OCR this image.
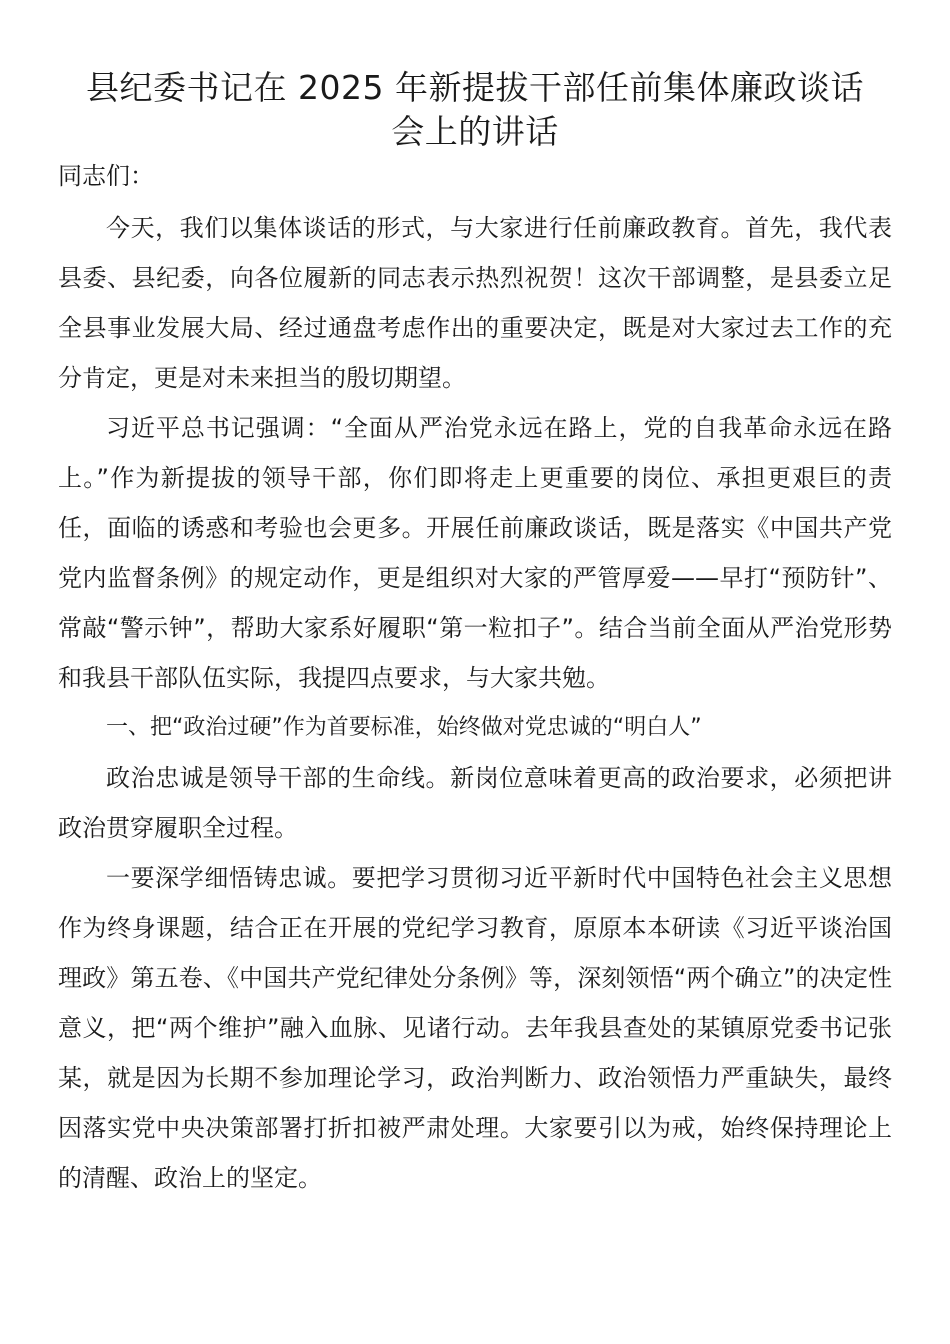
县纪委书记在 2025 年新提拔干部任前集体廉政谈话
会上的讲话

同志们：

今天，我们以集体谈话的形式，与大家进行任前廉政教育。首先，我代表县委、县纪委，向各位履新的同志表示热烈祝贺！这次干部调整，是县委立足全县事业发展大局、经过通盘考虑作出的重要决定，既是对大家过去工作的充分肯定，更是对未来担当的殷切期望。

习近平总书记强调：“全面从严治党永远在路上，党的自我革命永远在路上。”作为新提拔的领导干部，你们即将走上更重要的岗位、承担更艰巨的责任，面临的诱惑和考验也会更多。开展任前廉政谈话，既是落实《中国共产党党内监督条例》的规定动作，更是组织对大家的严管厚爱——早打“预防针”、常敲“警示钟”，帮助大家系好履职“第一粒扣子”。结合当前全面从严治党形势和我县干部队伍实际，我提四点要求，与大家共勉。

一、把“政治过硬”作为首要标准，始终做对党忠诚的“明白人”

政治忠诚是领导干部的生命线。新岗位意味着更高的政治要求，必须把讲政治贯穿履职全过程。

一要深学细悟铸忠诚。要把学习贯彻习近平新时代中国特色社会主义思想作为终身课题，结合正在开展的党纪学习教育，原原本本研读《习近平谈治国理政》第五卷、《中国共产党纪律处分条例》等，深刻领悟“两个确立”的决定性意义，把“两个维护”融入血脉、见诸行动。去年我县查处的某镇原党委书记张某，就是因为长期不参加理论学习，政治判断力、政治领悟力严重缺失，最终因落实党中央决策部署打折扣被严肃处理。大家要引以为戒，始终保持理论上的清醒、政治上的坚定。
